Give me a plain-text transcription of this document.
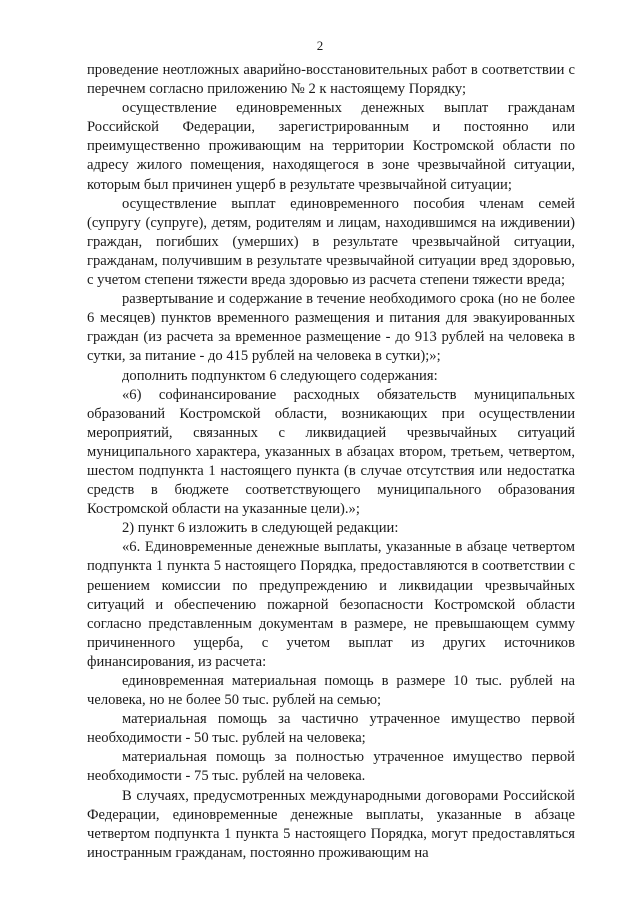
2

проведение неотложных аварийно-восстановительных работ в соответствии с перечнем согласно приложению № 2 к настоящему Порядку;

осуществление единовременных денежных выплат гражданам Российской Федерации, зарегистрированным и постоянно или преимущественно проживающим на территории Костромской области по адресу жилого помещения, находящегося в зоне чрезвычайной ситуации, которым был причинен ущерб в результате чрезвычайной ситуации;

осуществление выплат единовременного пособия членам семей (супругу (супруге), детям, родителям и лицам, находившимся на иждивении) граждан, погибших (умерших) в результате чрезвычайной ситуации, гражданам, получившим в результате чрезвычайной ситуации вред здоровью, с учетом степени тяжести вреда здоровью из расчета степени тяжести вреда;

развертывание и содержание в течение необходимого срока (но не более 6 месяцев) пунктов временного размещения и питания для эвакуированных граждан (из расчета за временное размещение - до 913 рублей на человека в сутки, за питание - до 415 рублей на человека в сутки);»;

дополнить подпунктом 6 следующего содержания:

«6) софинансирование расходных обязательств муниципальных образований Костромской области, возникающих при осуществлении мероприятий, связанных с ликвидацией чрезвычайных ситуаций муниципального характера, указанных в абзацах втором, третьем, четвертом, шестом подпункта 1 настоящего пункта (в случае отсутствия или недостатка средств в бюджете соответствующего муниципального образования Костромской области на указанные цели).»;

2) пункт 6 изложить в следующей редакции:

«6. Единовременные денежные выплаты, указанные в абзаце четвертом подпункта 1 пункта 5 настоящего Порядка, предоставляются в соответствии с решением комиссии по предупреждению и ликвидации чрезвычайных ситуаций и обеспечению пожарной безопасности Костромской области согласно представленным документам в размере, не превышающем сумму причиненного ущерба, с учетом выплат из других источников финансирования, из расчета:

единовременная материальная помощь в размере 10 тыс. рублей на человека, но не более 50 тыс. рублей на семью;

материальная помощь за частично утраченное имущество первой необходимости - 50 тыс. рублей на человека;

материальная помощь за полностью утраченное имущество первой необходимости - 75 тыс. рублей на человека.

В случаях, предусмотренных международными договорами Российской Федерации, единовременные денежные выплаты, указанные в абзаце четвертом подпункта 1 пункта 5 настоящего Порядка, могут предоставляться иностранным гражданам, постоянно проживающим на
